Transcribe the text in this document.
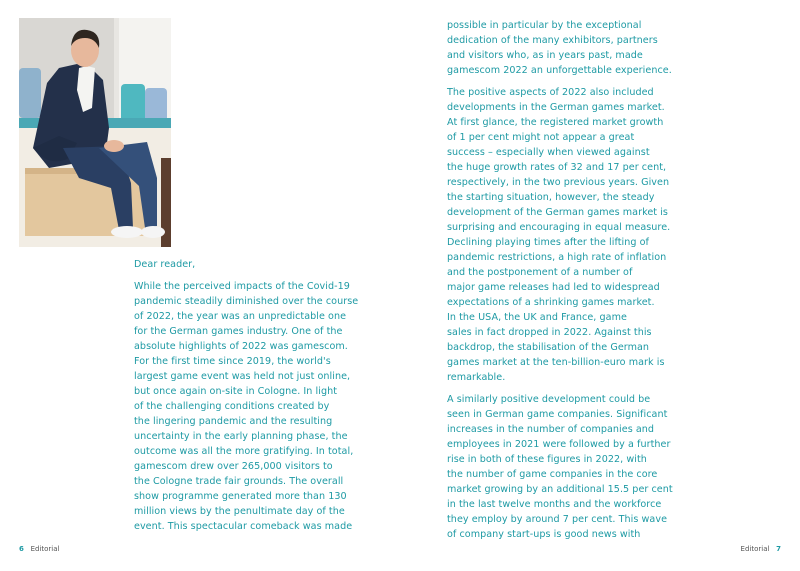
Dear reader,
While the perceived impacts of the Covid-19
pandemic steadily diminished over the course
of 2022, the year was an unpredictable one
for the German games industry. One of the
absolute highlights of 2022 was gamescom.
For the first time since 2019, the world's
largest game event was held not just online,
but once again on-site in Cologne. In light
of the challenging conditions created by
the lingering pandemic and the resulting
uncertainty in the early planning phase, the
outcome was all the more gratifying. In total,
gamescom drew over 265,000 visitors to
the Cologne trade fair grounds. The overall
show programme generated more than 130
million views by the penultimate day of the
event. This spectacular comeback was made
6 Editorial
possible in particular by the exceptional
dedication of the many exhibitors, partners
and visitors who, as in years past, made
gamescom 2022 an unforgettable experience.
The positive aspects of 2022 also included
developments in the German games market.
At first glance, the registered market growth
of 1 per cent might not appear a great
success – especially when viewed against
the huge growth rates of 32 and 17 per cent,
respectively, in the two previous years. Given
the starting situation, however, the steady
development of the German games market is
surprising and encouraging in equal measure.
Declining playing times after the lifting of
pandemic restrictions, a high rate of inflation
and the postponement of a number of
major game releases had led to widespread
expectations of a shrinking games market.
In the USA, the UK and France, game
sales in fact dropped in 2022. Against this
backdrop, the stabilisation of the German
games market at the ten-billion-euro mark is
remarkable.
A similarly positive development could be
seen in German game companies. Significant
increases in the number of companies and
employees in 2021 were followed by a further
rise in both of these figures in 2022, with
the number of game companies in the core
market growing by an additional 15.5 per cent
in the last twelve months and the workforce
they employ by around 7 per cent. This wave
of company start-ups is good news with
Editorial 7
